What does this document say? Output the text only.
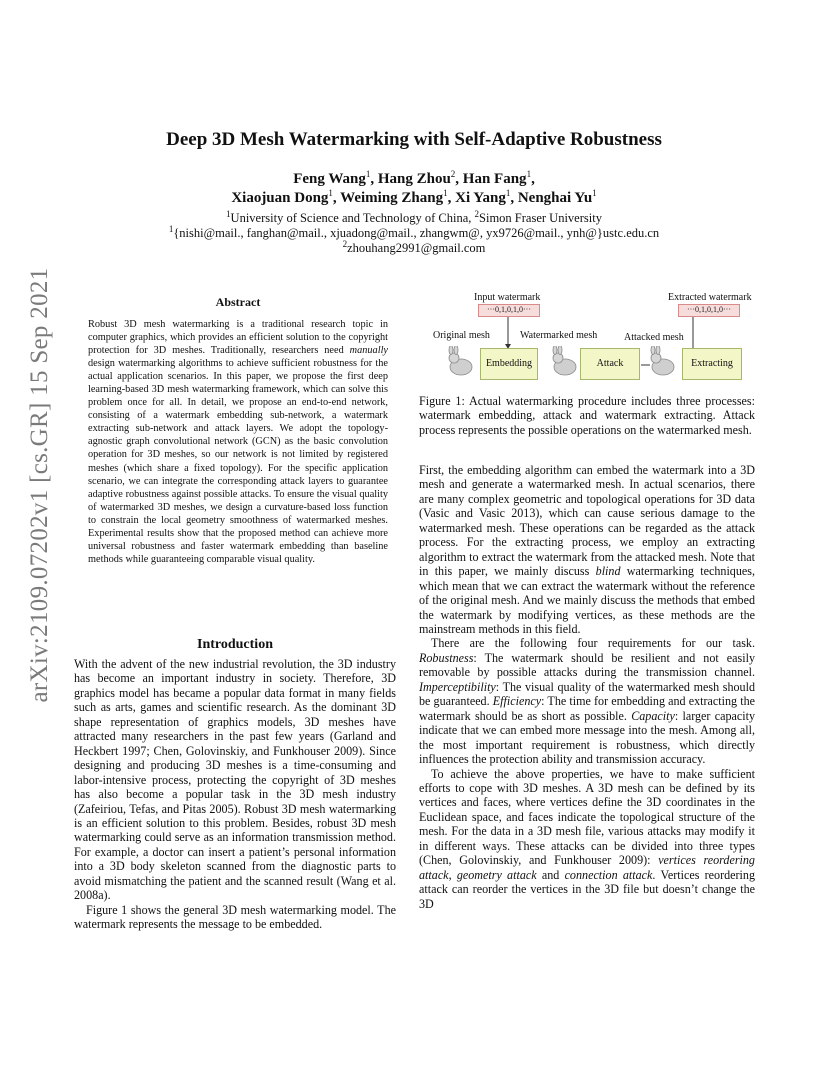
arXiv:2109.07202v1 [cs.GR] 15 Sep 2021
Deep 3D Mesh Watermarking with Self-Adaptive Robustness
Feng Wang$^1$, Hang Zhou$^2$, Han Fang$^1$,
Xiaojuan Dong$^1$, Weiming Zhang$^1$, Xi Yang$^1$, Nenghai Yu$^1$
$^1$University of Science and Technology of China, $^2$Simon Fraser University
$^1${nishi@mail., fanghan@mail., xjuadong@mail., zhangwm@, yx9726@mail., ynh@}ustc.edu.cn
$^2$zhouhang2991@gmail.com
Abstract
Robust 3D mesh watermarking is a traditional research topic in computer graphics, which provides an efficient solution to the copyright protection for 3D meshes. Traditionally, researchers need manually design watermarking algorithms to achieve sufficient robustness for the actual application scenarios. In this paper, we propose the first deep learning-based 3D mesh watermarking framework, which can solve this problem once for all. In detail, we propose an end-to-end network, consisting of a watermark embedding sub-network, a watermark extracting sub-network and attack layers. We adopt the topology-agnostic graph convolutional network (GCN) as the basic convolution operation for 3D meshes, so our network is not limited by registered meshes (which share a fixed topology). For the specific application scenario, we can integrate the corresponding attack layers to guarantee adaptive robustness against possible attacks. To ensure the visual quality of watermarked 3D meshes, we design a curvature-based loss function to constrain the local geometry smoothness of watermarked meshes. Experimental results show that the proposed method can achieve more universal robustness and faster watermark embedding than baseline methods while guaranteeing comparable visual quality.
Introduction

With the advent of the new industrial revolution, the 3D industry has become an important industry in society. Therefore, 3D graphics model has became a popular data format in many fields such as arts, games and scientific research. As the dominant 3D shape representation of graphics models, 3D meshes have attracted many researchers in the past few years (Garland and Heckbert 1997; Chen, Golovinskiy, and Funkhouser 2009). Since designing and producing 3D meshes is a time-consuming and labor-intensive process, protecting the copyright of 3D meshes has also become a popular task in the 3D mesh industry (Zafeiriou, Tefas, and Pitas 2005). Robust 3D mesh watermarking is an efficient solution to this problem. Besides, robust 3D mesh watermarking could serve as an information transmission method. For example, a doctor can insert a patient’s personal information into a 3D body skeleton scanned from the diagnostic parts to avoid mismatching the patient and the scanned result (Wang et al. 2008a).

Figure 1 shows the general 3D mesh watermarking model. The watermark represents the message to be embedded.

Input watermark
···0,1,0,1,0···
Extracted watermark
···0,1,0,1,0···
Original mesh	Watermarked mesh	Attacked mesh
Embedding	Attack	Extracting
Figure 1: Actual watermarking procedure includes three processes: watermark embedding, attack and watermark extracting. Attack process represents the possible operations on the watermarked mesh.

First, the embedding algorithm can embed the watermark into a 3D mesh and generate a watermarked mesh. In actual scenarios, there are many complex geometric and topological operations for 3D data (Vasic and Vasic 2013), which can cause serious damage to the watermarked mesh. These operations can be regarded as the attack process. For the extracting process, we employ an extracting algorithm to extract the watermark from the attacked mesh. Note that in this paper, we mainly discuss blind watermarking techniques, which mean that we can extract the watermark without the reference of the original mesh. And we mainly discuss the methods that embed the watermark by modifying vertices, as these methods are the mainstream methods in this field.

There are the following four requirements for our task. Robustness: The watermark should be resilient and not easily removable by possible attacks during the transmission channel. Imperceptibility: The visual quality of the watermarked mesh should be guaranteed. Efficiency: The time for embedding and extracting the watermark should be as short as possible. Capacity: larger capacity indicate that we can embed more message into the mesh. Among all, the most important requirement is robustness, which directly influences the protection ability and transmission accuracy.

To achieve the above properties, we have to make sufficient efforts to cope with 3D meshes. A 3D mesh can be defined by its vertices and faces, where vertices define the 3D coordinates in the Euclidean space, and faces indicate the topological structure of the mesh. For the data in a 3D mesh file, various attacks may modify it in different ways. These attacks can be divided into three types (Chen, Golovinskiy, and Funkhouser 2009): vertices reordering attack, geometry attack and connection attack. Vertices reordering attack can reorder the vertices in the 3D file but doesn’t change the 3D
